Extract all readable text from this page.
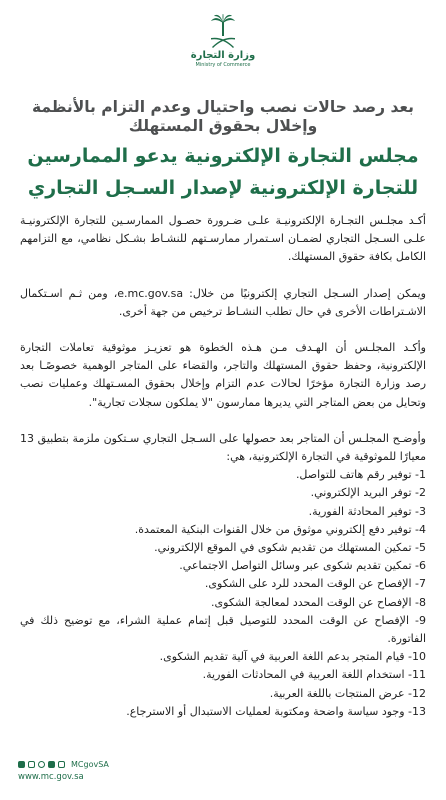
وزارة التجارة
Ministry of Commerce
بعد رصد حالات نصب واحتيال وعدم التزام بالأنظمة وإخلال بحقوق المستهلك
مجلس التجارة الإلكترونية يدعو الممارسين للتجارة الإلكترونية لإصدار السـجل التجاري

أكـد مجلـس التجـارة الإلكترونيـة علـى ضـرورة حصـول الممارسـين للتجارة الإلكترونيـة علـى السـجل التجاري لضمـان اسـتمرار ممارسـتهم للنشـاط بشـكل نظامي، مع التزامهم الكامل بكافة حقوق المستهلك.

ويمكن إصدار السـجل التجاري إلكترونيًا من خلال: e.mc.gov.sa، ومن ثـم اسـتكمال الاشـتراطات الأخرى في حال تطلب النشـاط ترخيص من جهة أخرى.

وأكـد المجلـس أن الهـدف مـن هـذه الخطوة هو تعزيـز موثوقية تعاملات التجارة الإلكترونية، وحفظ حقوق المستهلك والتاجر، والقضاء على المتاجر الوهمية خصوصًـا بعد رصد وزارة التجارة مؤخرًا لحالات عدم التزام وإخلال بحقوق المسـتهلك وعمليات نصب وتحايل من بعض المتاجر التي يديرها ممارسون "لا يملكون سجلات تجارية".

وأوضـح المجلـس أن المتاجر بعد حصولها على السـجل التجاري سـتكون ملزمة بتطبيق 13 معيارًا للموثوقية في التجارة الإلكترونية، هي:

1- توفير رقم هاتف للتواصل.
2- توفر البريد الإلكتروني.
3- توفير المحادثة الفورية.
4- توفير دفع إلكتروني موثوق من خلال القنوات البنكية المعتمدة.
5- تمكين المستهلك من تقديم شكوى في الموقع الإلكتروني.
6- تمكين تقديم شكوى عبر وسائل التواصل الاجتماعي.
7- الإفصاح عن الوقت المحدد للرد على الشكوى.
8- الإفصاح عن الوقت المحدد لمعالجة الشكوى.
9- الإفصاح عن الوقت المحدد للتوصيل قبل إتمام عملية الشراء، مع توضيح ذلك في الفاتورة.
10- قيام المتجر بدعم اللغة العربية في آلية تقديم الشكوى.
11- استخدام اللغة العربية في المحادثات الفورية.
12- عرض المنتجات باللغة العربية.
13- وجود سياسة واضحة ومكتوبة لعمليات الاستبدال أو الاسترجاع.
MCgovSA
www.mc.gov.sa
